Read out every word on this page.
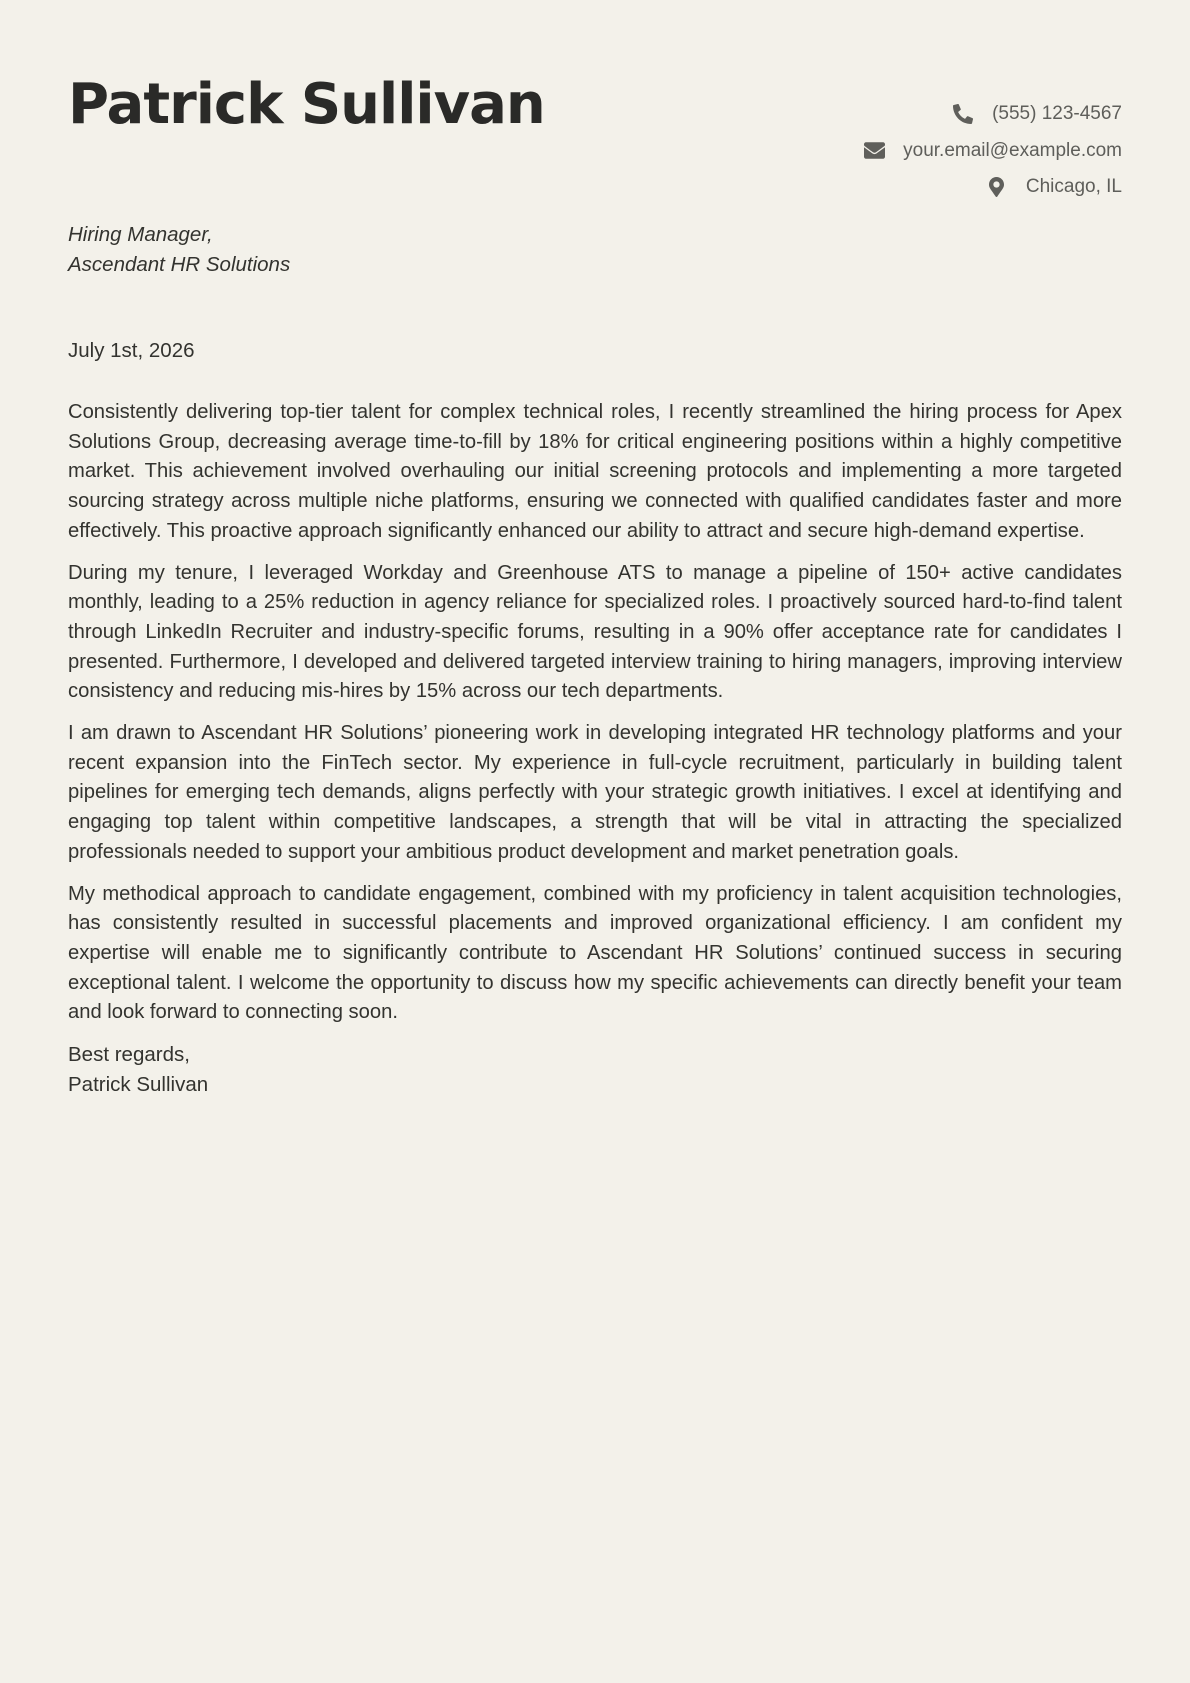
Patrick Sullivan	(555) 123-4567
your.email@example.com
Chicago, IL
Hiring Manager,
Ascendant HR Solutions
July 1st, 2026

Consistently delivering top-tier talent for complex technical roles, I recently streamlined the hiring process for Apex Solutions Group, decreasing average time-to-fill by 18% for critical engineering positions within a highly competitive market. This achievement involved overhauling our initial screening protocols and implementing a more targeted sourcing strategy across multiple niche platforms, ensuring we connected with qualified candidates faster and more effectively. This proactive approach significantly enhanced our ability to attract and secure high-demand expertise.

During my tenure, I leveraged Workday and Greenhouse ATS to manage a pipeline of 150+ active candidates monthly, leading to a 25% reduction in agency reliance for specialized roles. I proactively sourced hard-to-find talent through LinkedIn Recruiter and industry-specific forums, resulting in a 90% offer acceptance rate for candidates I presented. Furthermore, I developed and delivered targeted interview training to hiring managers, improving interview consistency and reducing mis-hires by 15% across our tech departments.

I am drawn to Ascendant HR Solutions’ pioneering work in developing integrated HR technology platforms and your recent expansion into the FinTech sector. My experience in full-cycle recruitment, particularly in building talent pipelines for emerging tech demands, aligns perfectly with your strategic growth initiatives. I excel at identifying and engaging top talent within competitive landscapes, a strength that will be vital in attracting the specialized professionals needed to support your ambitious product development and market penetration goals.

My methodical approach to candidate engagement, combined with my proficiency in talent acquisition technologies, has consistently resulted in successful placements and improved organizational efficiency. I am confident my expertise will enable me to significantly contribute to Ascendant HR Solutions’ continued success in securing exceptional talent. I welcome the opportunity to discuss how my specific achievements can directly benefit your team and look forward to connecting soon.

Best regards,
Patrick Sullivan
